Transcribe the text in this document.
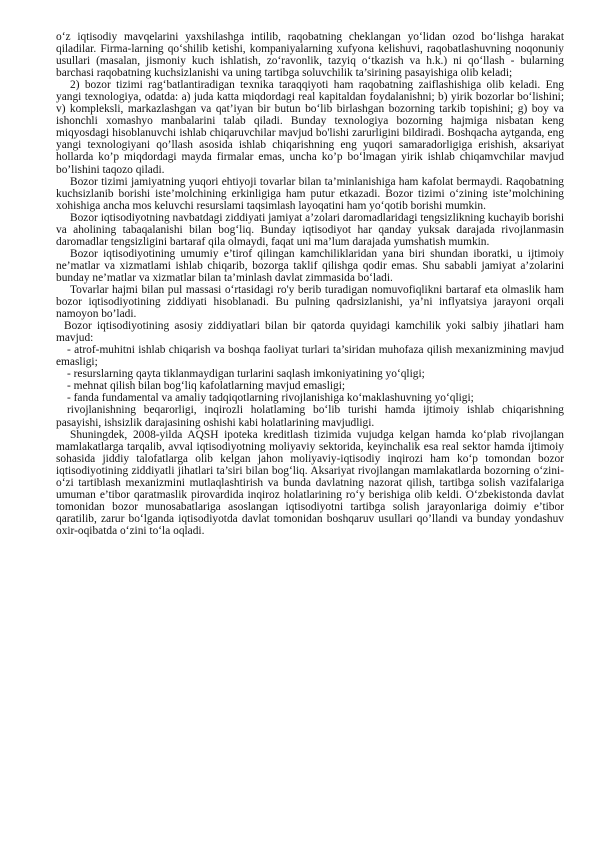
o‘z iqtisodiy mavqelarini yaxshilashga intilib, raqobatning cheklangan yo‘lidan ozod bo‘lishga harakat qiladilar. Firma-larning qo‘shilib ketishi, kompaniyalarning xufyona kelishuvi, raqobatlashuvning noqonuniy usullari (masalan, jismoniy kuch ishlatish, zo‘ravonlik, tazyiq o‘tkazish va h.k.) ni qo‘llash - bularning barchasi raqobatning kuchsizlanishi va uning tartibga soluvchilik ta’sirining pasayishiga olib keladi;

2) bozor tizimi rag‘batlantiradigan texnika taraqqiyoti ham raqobatning zaiflashishiga olib keladi. Eng yangi texnologiya, odatda: a) juda katta miqdordagi real kapitaldan foydalanishni; b) yirik bozorlar bo‘lishini; v) kompleksli, markazlashgan va qat’iyan bir butun bo‘lib birlashgan bozorning tarkib topishini; g) boy va ishonchli xomashyo manbalarini talab qiladi. Bunday texnologiya bozorning hajmiga nisbatan keng miqyosdagi hisoblanuvchi ishlab chiqaruvchilar mavjud bo'lishi zarurligini bildiradi. Boshqacha aytganda, eng yangi texnologiyani qo’llash asosida ishlab chiqarishning eng yuqori samaradorligiga erishish, aksariyat hollarda ko’p miqdordagi mayda firmalar emas, uncha ko’p bo‘lmagan yirik ishlab chiqamvchilar mavjud bo’lishini taqozo qiladi.

Bozor tizimi jamiyatning yuqori ehtiyoji tovarlar bilan ta’minlanishiga ham kafolat bermaydi. Raqobatning kuchsizlanib borishi iste’molchining erkinligiga ham putur etkazadi. Bozor tizimi o‘zining iste’molchining xohishiga ancha mos keluvchi resurslami taqsimlash layoqatini ham yo‘qotib borishi mumkin.

Bozor iqtisodiyotning navbatdagi ziddiyati jamiyat a’zolari daromadlaridagi tengsizlikning kuchayib borishi va aholining tabaqalanishi bilan bog‘liq. Bunday iqtisodiyot har qanday yuksak darajada rivojlanmasin daromadlar tengsizligini bartaraf qila olmaydi, faqat uni ma’lum darajada yumshatish mumkin.

Bozor iqtisodiyotining umumiy e’tirof qilingan kamchiliklaridan yana biri shundan iboratki, u ijtimoiy ne’matlar va xizmatlami ishlab chiqarib, bozorga taklif qilishga qodir emas. Shu sababli jamiyat a’zolarini bunday ne’matlar va xizmatlar bilan ta’minlash davlat zimmasida bo‘ladi.

Tovarlar hajmi bilan pul massasi o‘rtasidagi ro'y berib turadigan nomuvofiqlikni bartaraf eta olmaslik ham bozor iqtisodiyotining ziddiyati hisoblanadi. Bu pulning qadrsizlanishi, ya’ni inflyatsiya jarayoni orqali namoyon bo’ladi.

Bozor iqtisodiyotining asosiy ziddiyatlari bilan bir qatorda quyidagi kamchilik yoki salbiy jihatlari ham mavjud:

- atrof-muhitni ishlab chiqarish va boshqa faoliyat turlari ta’siridan muhofaza qilish mexanizmining mavjud emasligi;

- resurslarning qayta tiklanmaydigan turlarini saqlash imkoniyatining yo‘qligi;

- mehnat qilish bilan bog‘liq kafolatlarning mavjud emasligi;

- fanda fundamental va amaliy tadqiqotlarning rivojlanishiga ko‘maklashuvning yo‘qligi;

rivojlanishning beqarorligi, inqirozli holatlaming bo‘lib turishi hamda ijtimoiy ishlab chiqarishning pasayishi, ishsizlik darajasining oshishi kabi holatlarining mavjudligi.

Shuningdek, 2008-yilda AQSH ipoteka kreditlash tizimida vujudga kelgan hamda ko‘plab rivojlangan mamlakatlarga tarqalib, avval iqtisodiyotning moliyaviy sektorida, keyinchalik esa real sektor hamda ijtimoiy sohasida jiddiy talofatlarga olib kelgan jahon moliyaviy-iqtisodiy inqirozi ham ko‘p tomondan bozor iqtisodiyotining ziddiyatli jihatlari ta’siri bilan bog‘liq. Aksariyat rivojlangan mamlakatlarda bozorning o‘zini-o‘zi tartiblash mexanizmini mutlaqlashtirish va bunda davlatning nazorat qilish, tartibga solish vazifalariga umuman e’tibor qaratmaslik pirovardida inqiroz holatlarining ro‘y berishiga olib keldi. O‘zbekistonda davlat tomonidan bozor munosabatlariga asoslangan iqtisodiyotni tartibga solish jarayonlariga doimiy e’tibor qaratilib, zarur bo‘lganda iqtisodiyotda davlat tomonidan boshqaruv usullari qo’llandi va bunday yondashuv oxir-oqibatda o‘zini to‘la oqladi.
